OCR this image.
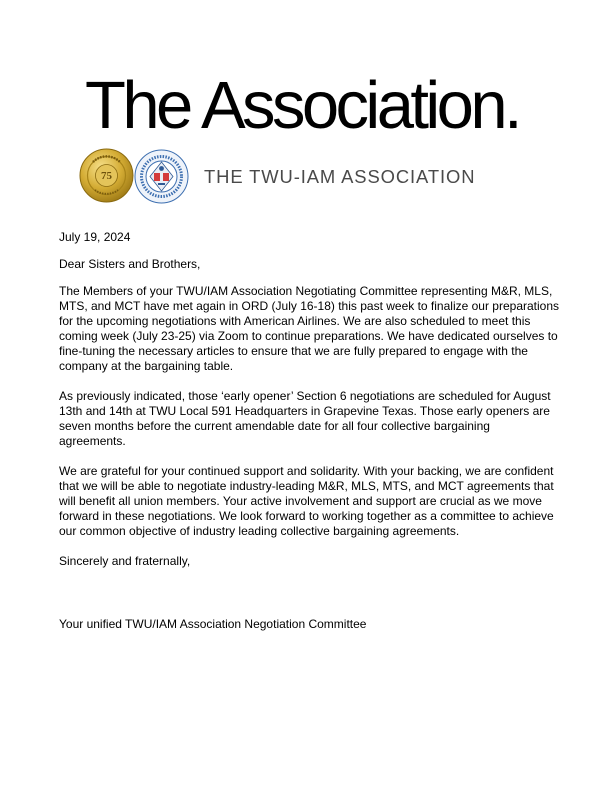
The Association.
75	THE TWU-IAM ASSOCIATION

July 19, 2024

Dear Sisters and Brothers,

The Members of your TWU/IAM Association Negotiating Committee representing M&R, MLS, MTS, and MCT have met again in ORD (July 16-18) this past week to finalize our preparations for the upcoming negotiations with American Airlines. We are also scheduled to meet this coming week (July 23-25) via Zoom to continue preparations. We have dedicated ourselves to fine-tuning the necessary articles to ensure that we are fully prepared to engage with the company at the bargaining table.

As previously indicated, those ‘early opener’ Section 6 negotiations are scheduled for August 13th and 14th at TWU Local 591 Headquarters in Grapevine Texas. Those early openers are seven months before the current amendable date for all four collective bargaining agreements.

We are grateful for your continued support and solidarity. With your backing, we are confident that we will be able to negotiate industry-leading M&R, MLS, MTS, and MCT agreements that will benefit all union members. Your active involvement and support are crucial as we move forward in these negotiations. We look forward to working together as a committee to achieve our common objective of industry leading collective bargaining agreements.

Sincerely and fraternally,

Your unified TWU/IAM Association Negotiation Committee
